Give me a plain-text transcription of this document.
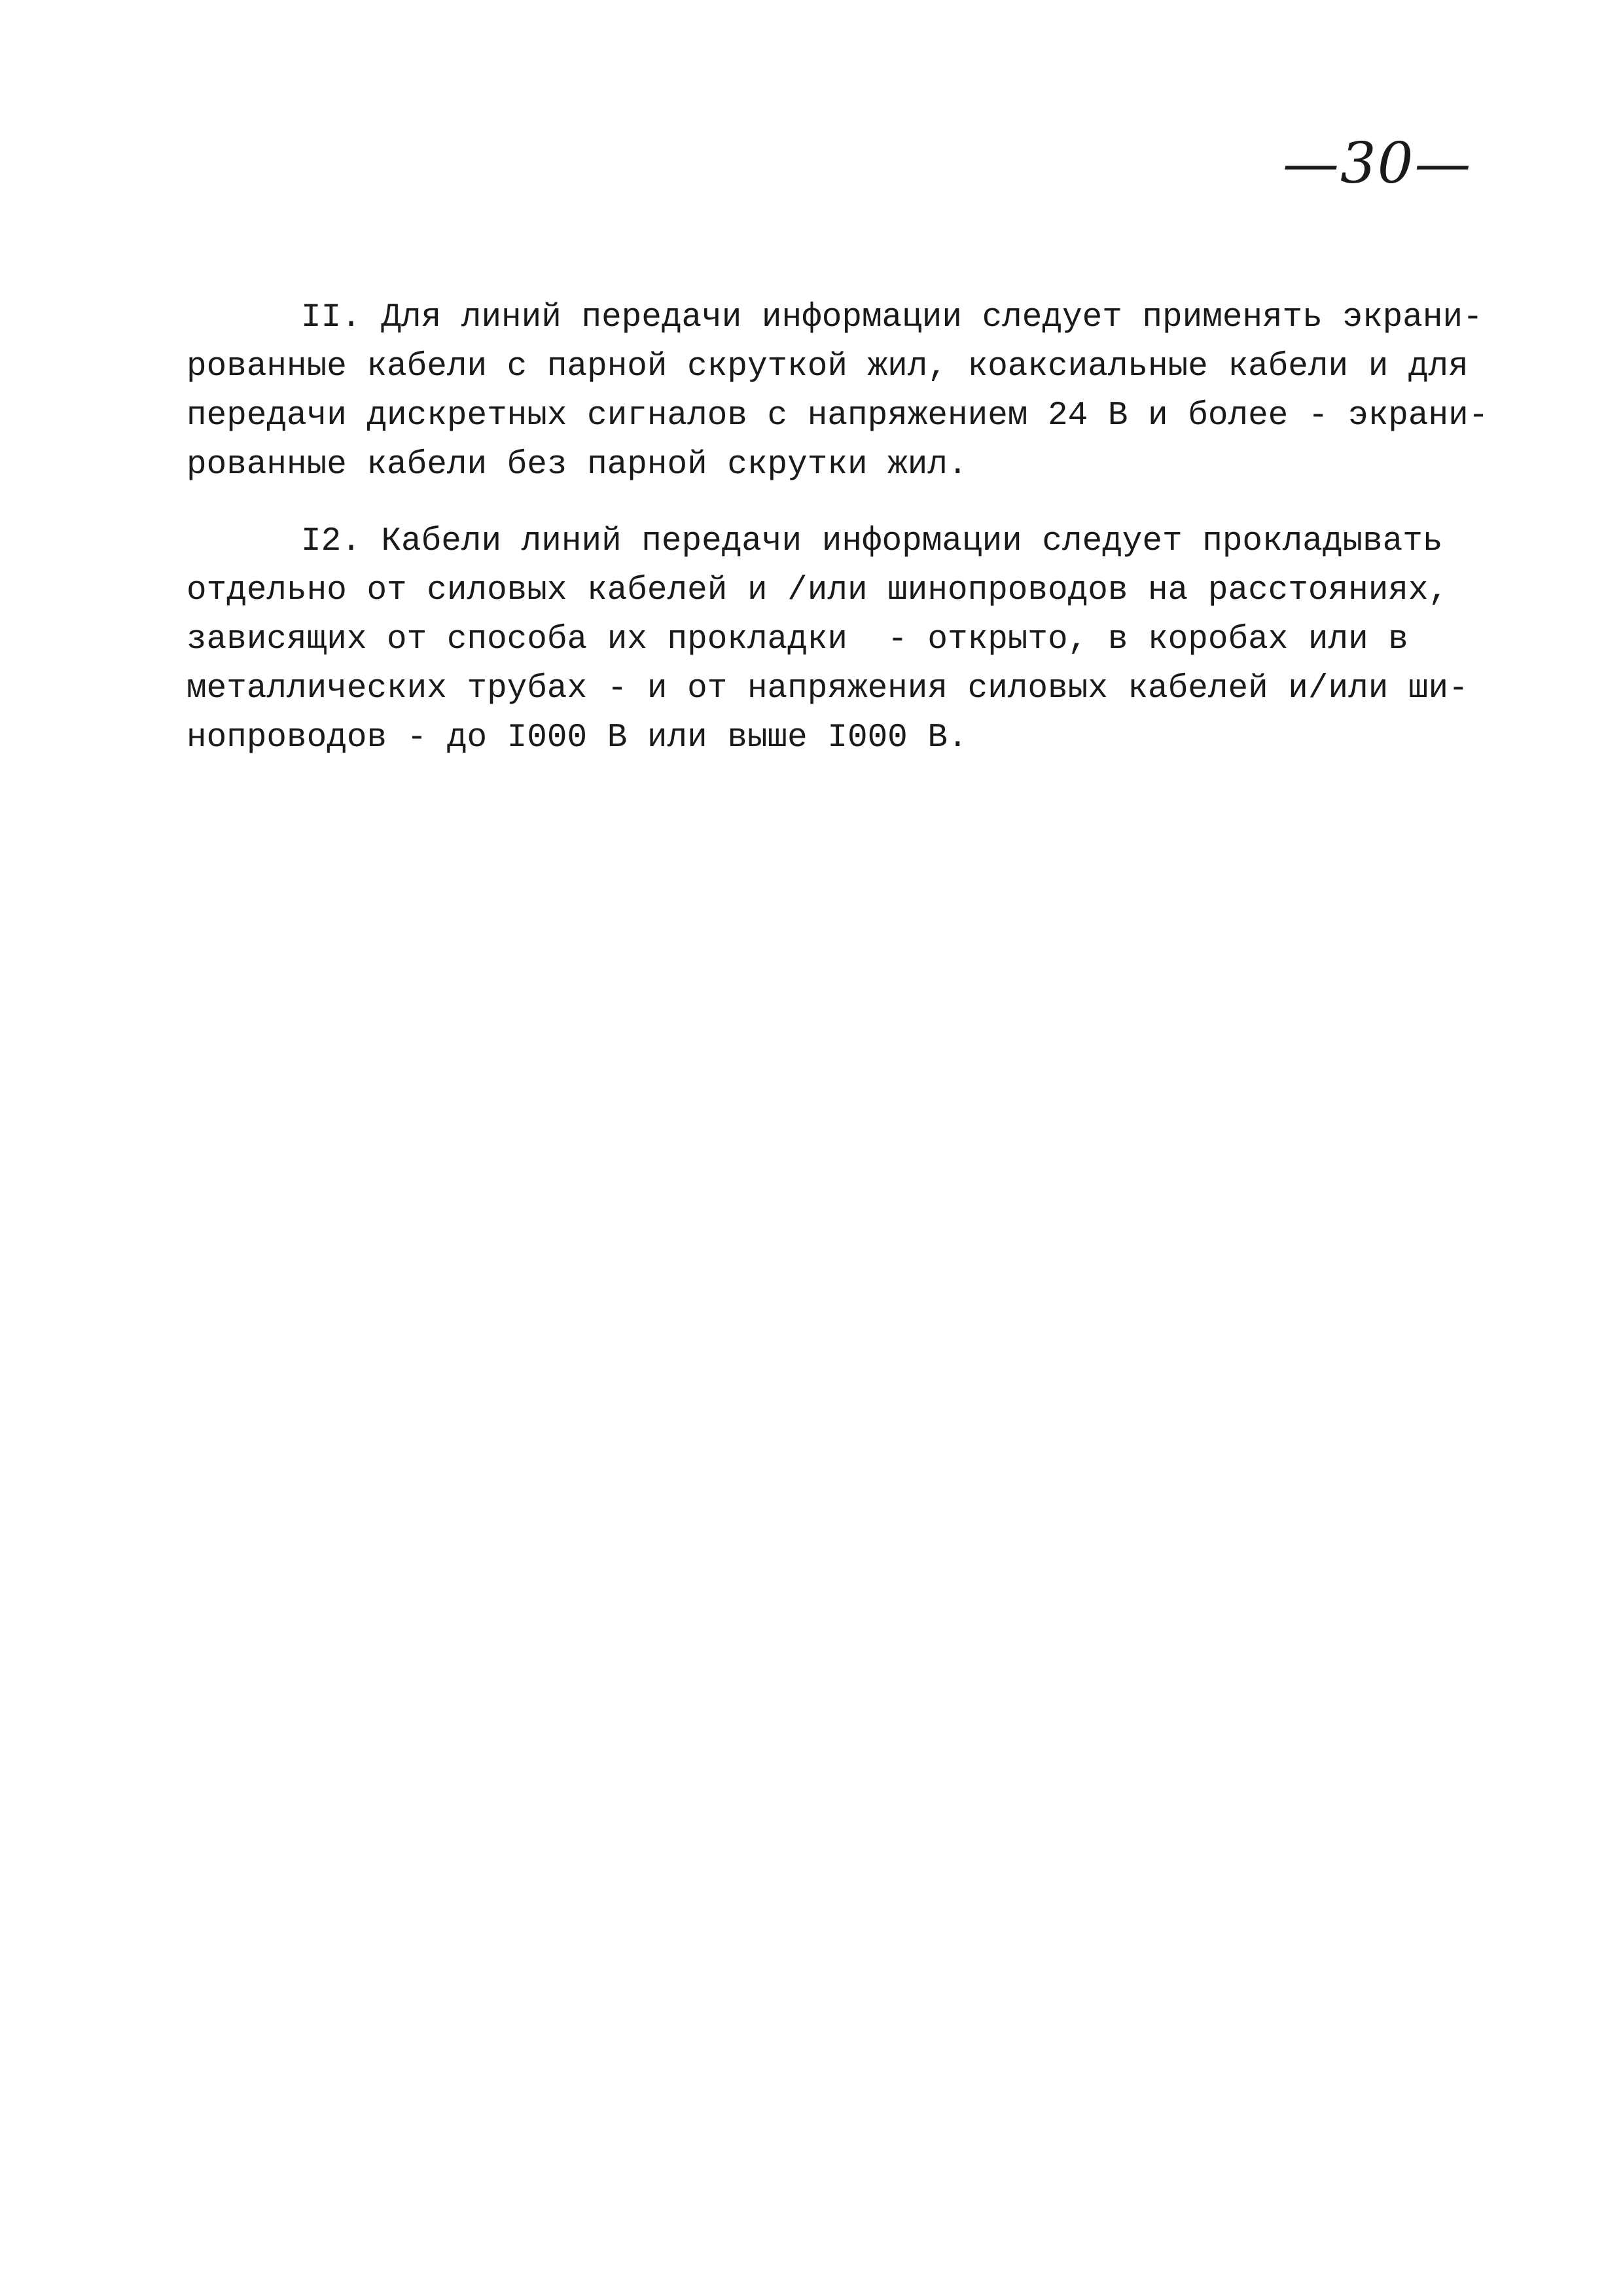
—30—
II. Для линий передачи информации следует применять экрани-
рованные кабели с парной скруткой жил, коаксиальные кабели и для
передачи дискретных сигналов с напряжением 24 В и более - экрани-
рованные кабели без парной скрутки жил.
I2. Кабели линий передачи информации следует прокладывать
отдельно от силовых кабелей и /или шинопроводов на расстояниях,
зависящих от способа их прокладки  - открыто, в коробах или в
металлических трубах - и от напряжения силовых кабелей и/или ши-
нопроводов - до I000 В или выше I000 В.
